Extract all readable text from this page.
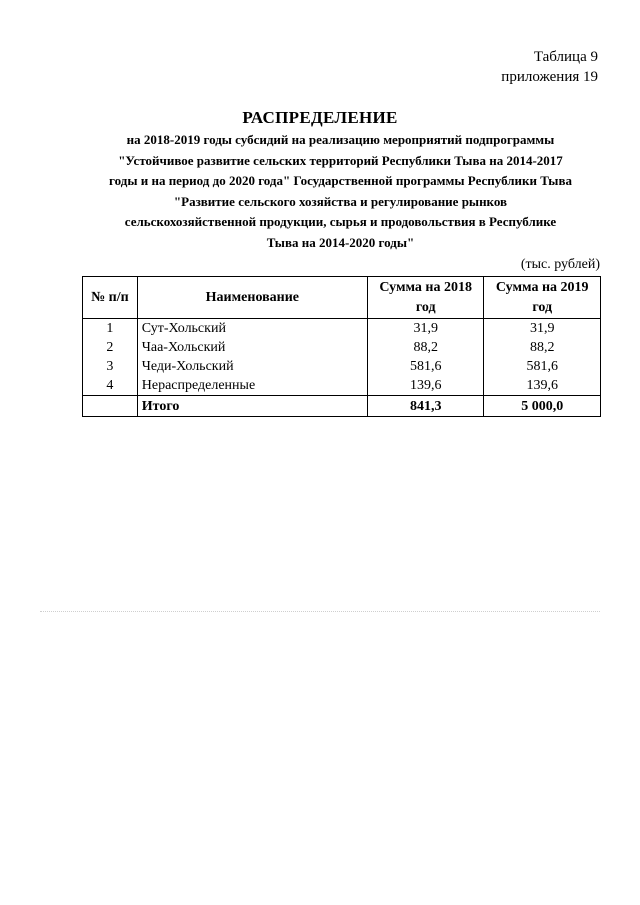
Таблица 9
приложения 19
РАСПРЕДЕЛЕНИЕ
на 2018-2019 годы субсидий на реализацию мероприятий подпрограммы
"Устойчивое развитие сельских территорий Республики Тыва на 2014-2017
годы и на период до 2020 года" Государственной программы Республики Тыва
"Развитие сельского хозяйства и регулирование рынков
сельскохозяйственной продукции, сырья и продовольствия в Республике
Тыва на 2014-2020 годы"
(тыс. рублей)
№ п/п	Наименование	Сумма на 2018 год	Сумма на 2019 год
1	Сут-Хольский	31,9	31,9
2	Чаа-Хольский	88,2	88,2
3	Чеди-Хольский	581,6	581,6
4	Нераспределенные	139,6	139,6
	Итого	841,3	5 000,0
